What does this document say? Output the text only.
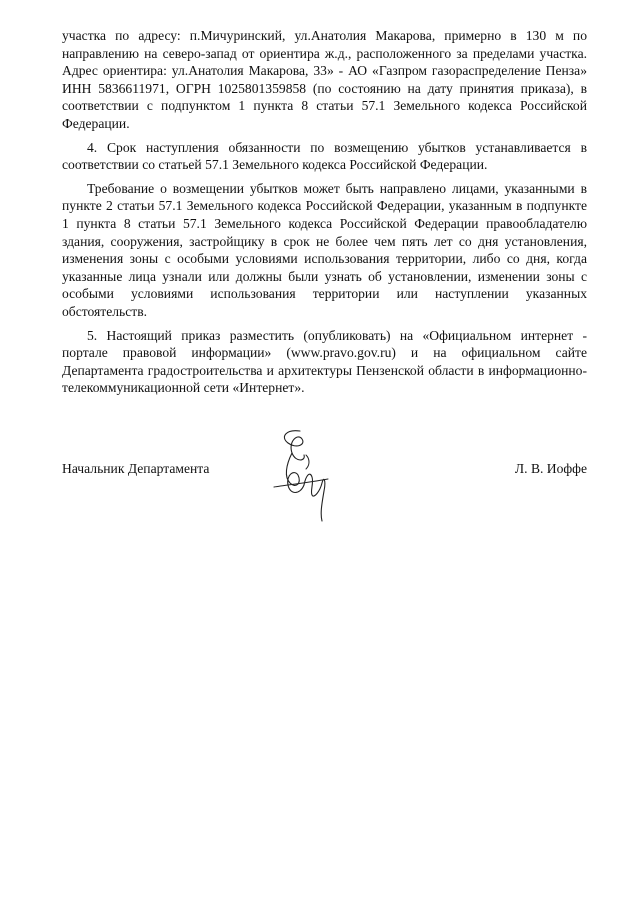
участка по адресу: п.Мичуринский, ул.Анатолия Макарова, примерно в 130 м по направлению на северо-запад от ориентира ж.д., расположенного за пределами участка. Адрес ориентира: ул.Анатолия Макарова, 33» - АО «Газпром газораспределение Пенза» ИНН 5836611971, ОГРН 1025801359858 (по состоянию на дату принятия приказа), в соответствии с подпунктом 1 пункта 8 статьи 57.1 Земельного кодекса Российской Федерации.

4. Срок наступления обязанности по возмещению убытков устанавливается в соответствии со статьей 57.1 Земельного кодекса Российской Федерации.

Требование о возмещении убытков может быть направлено лицами, указанными в пункте 2 статьи 57.1 Земельного кодекса Российской Федерации, указанным в подпункте 1 пункта 8 статьи 57.1 Земельного кодекса Российской Федерации правообладателю здания, сооружения, застройщику в срок не более чем пять лет со дня установления, изменения зоны с особыми условиями использования территории, либо со дня, когда указанные лица узнали или должны были узнать об установлении, изменении зоны с особыми условиями использования территории или наступлении указанных обстоятельств.

5. Настоящий приказ разместить (опубликовать) на «Официальном интернет - портале правовой информации» (www.pravo.gov.ru) и на официальном сайте Департамента градостроительства и архитектуры Пензенской области в информационно-телекоммуникационной сети «Интернет».

Начальник Департамента	Л. В. Иоффе
